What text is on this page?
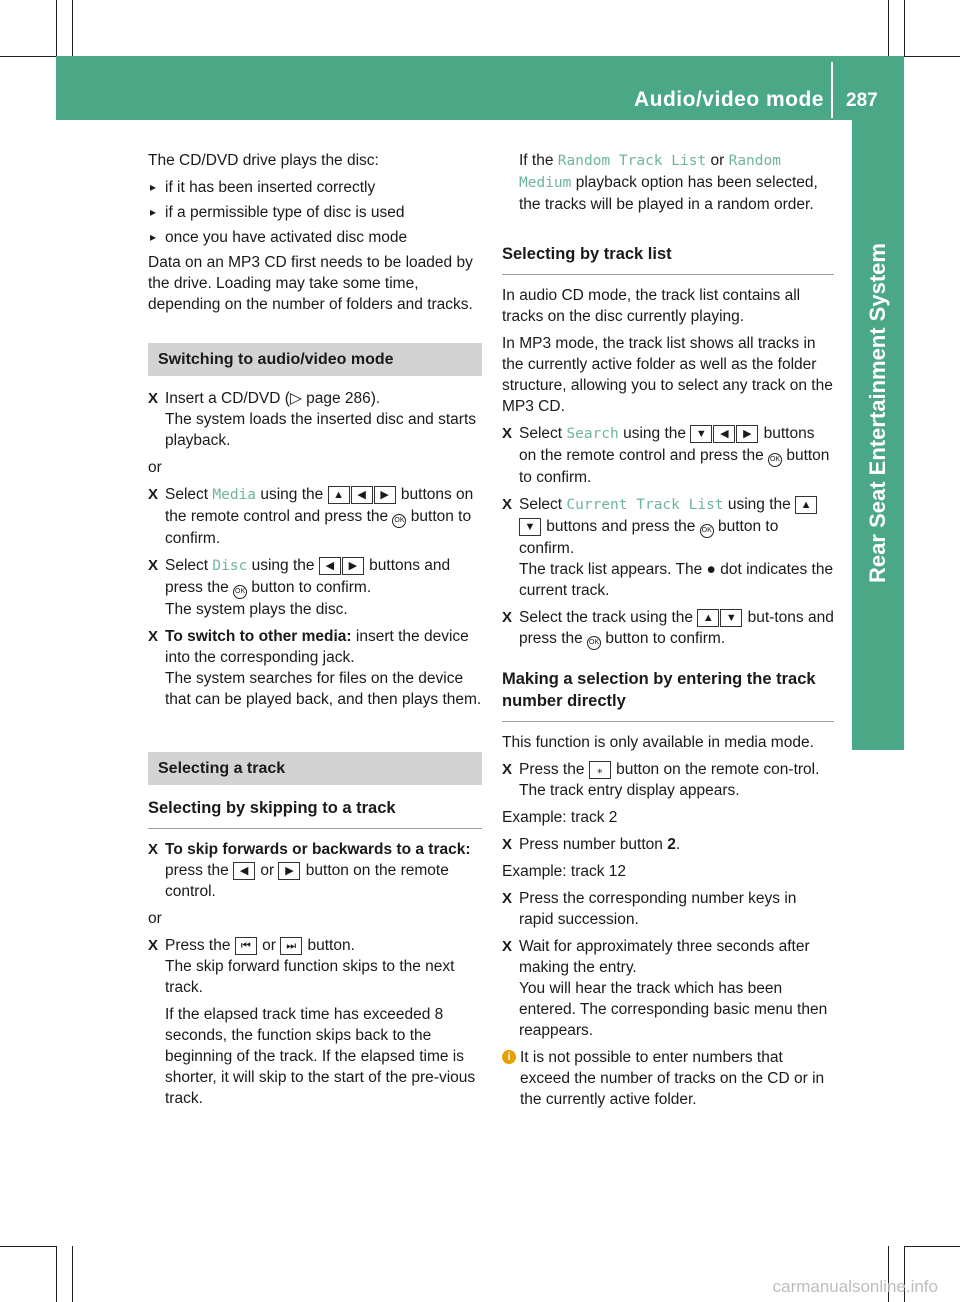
Audio/video mode 287
Rear Seat Entertainment System

The CD/DVD drive plays the disc:

▸ if it has been inserted correctly
▸ if a permissible type of disc is used
▸ once you have activated disc mode

Data on an MP3 CD first needs to be loaded by the drive. Loading may take some time, depending on the number of folders and tracks.

Switching to audio/video mode
X Insert a CD/DVD (▷ page 286).
The system loads the inserted disc and starts playback.

or

X Select Media using the ▲ ◀ ▶ buttons on the remote control and press the OK button to confirm.
X Select Disc using the ◀ ▶ buttons and press the OK button to confirm.
The system plays the disc.
X To switch to other media: insert the device into the corresponding jack.
The system searches for files on the device that can be played back, and then plays them.
Selecting a track
Selecting by skipping to a track
X To skip forwards or backwards to a track: press the ◀ or ▶ button on the remote control.

or

X Press the ⏮ or ⏭ button.
The skip forward function skips to the next track.
If the elapsed track time has exceeded 8 seconds, the function skips back to the beginning of the track. If the elapsed time is shorter, it will skip to the start of the pre-vious track.
If the Random Track List or Random Medium playback option has been selected, the tracks will be played in a random order.
Selecting by track list

In audio CD mode, the track list contains all tracks on the disc currently playing.

In MP3 mode, the track list shows all tracks in the currently active folder as well as the folder structure, allowing you to select any track on the MP3 CD.

X Select Search using the ▼ ◀ ▶ buttons on the remote control and press the OK button to confirm.
X Select Current Track List using the ▲▼ buttons and press the OK button to confirm.
The track list appears. The ● dot indicates the current track.
X Select the track using the ▲ ▼ but-tons and press the OK button to confirm.
Making a selection by entering the track number directly

This function is only available in media mode.

X Press the ⁎ button on the remote con-trol.
The track entry display appears.

Example: track 2

X Press number button 2.

Example: track 12

X Press the corresponding number keys in rapid succession.
X Wait for approximately three seconds after making the entry.
You will hear the track which has been entered. The corresponding basic menu then reappears.
i It is not possible to enter numbers that exceed the number of tracks on the CD or in the currently active folder.
carmanualsonline.info
